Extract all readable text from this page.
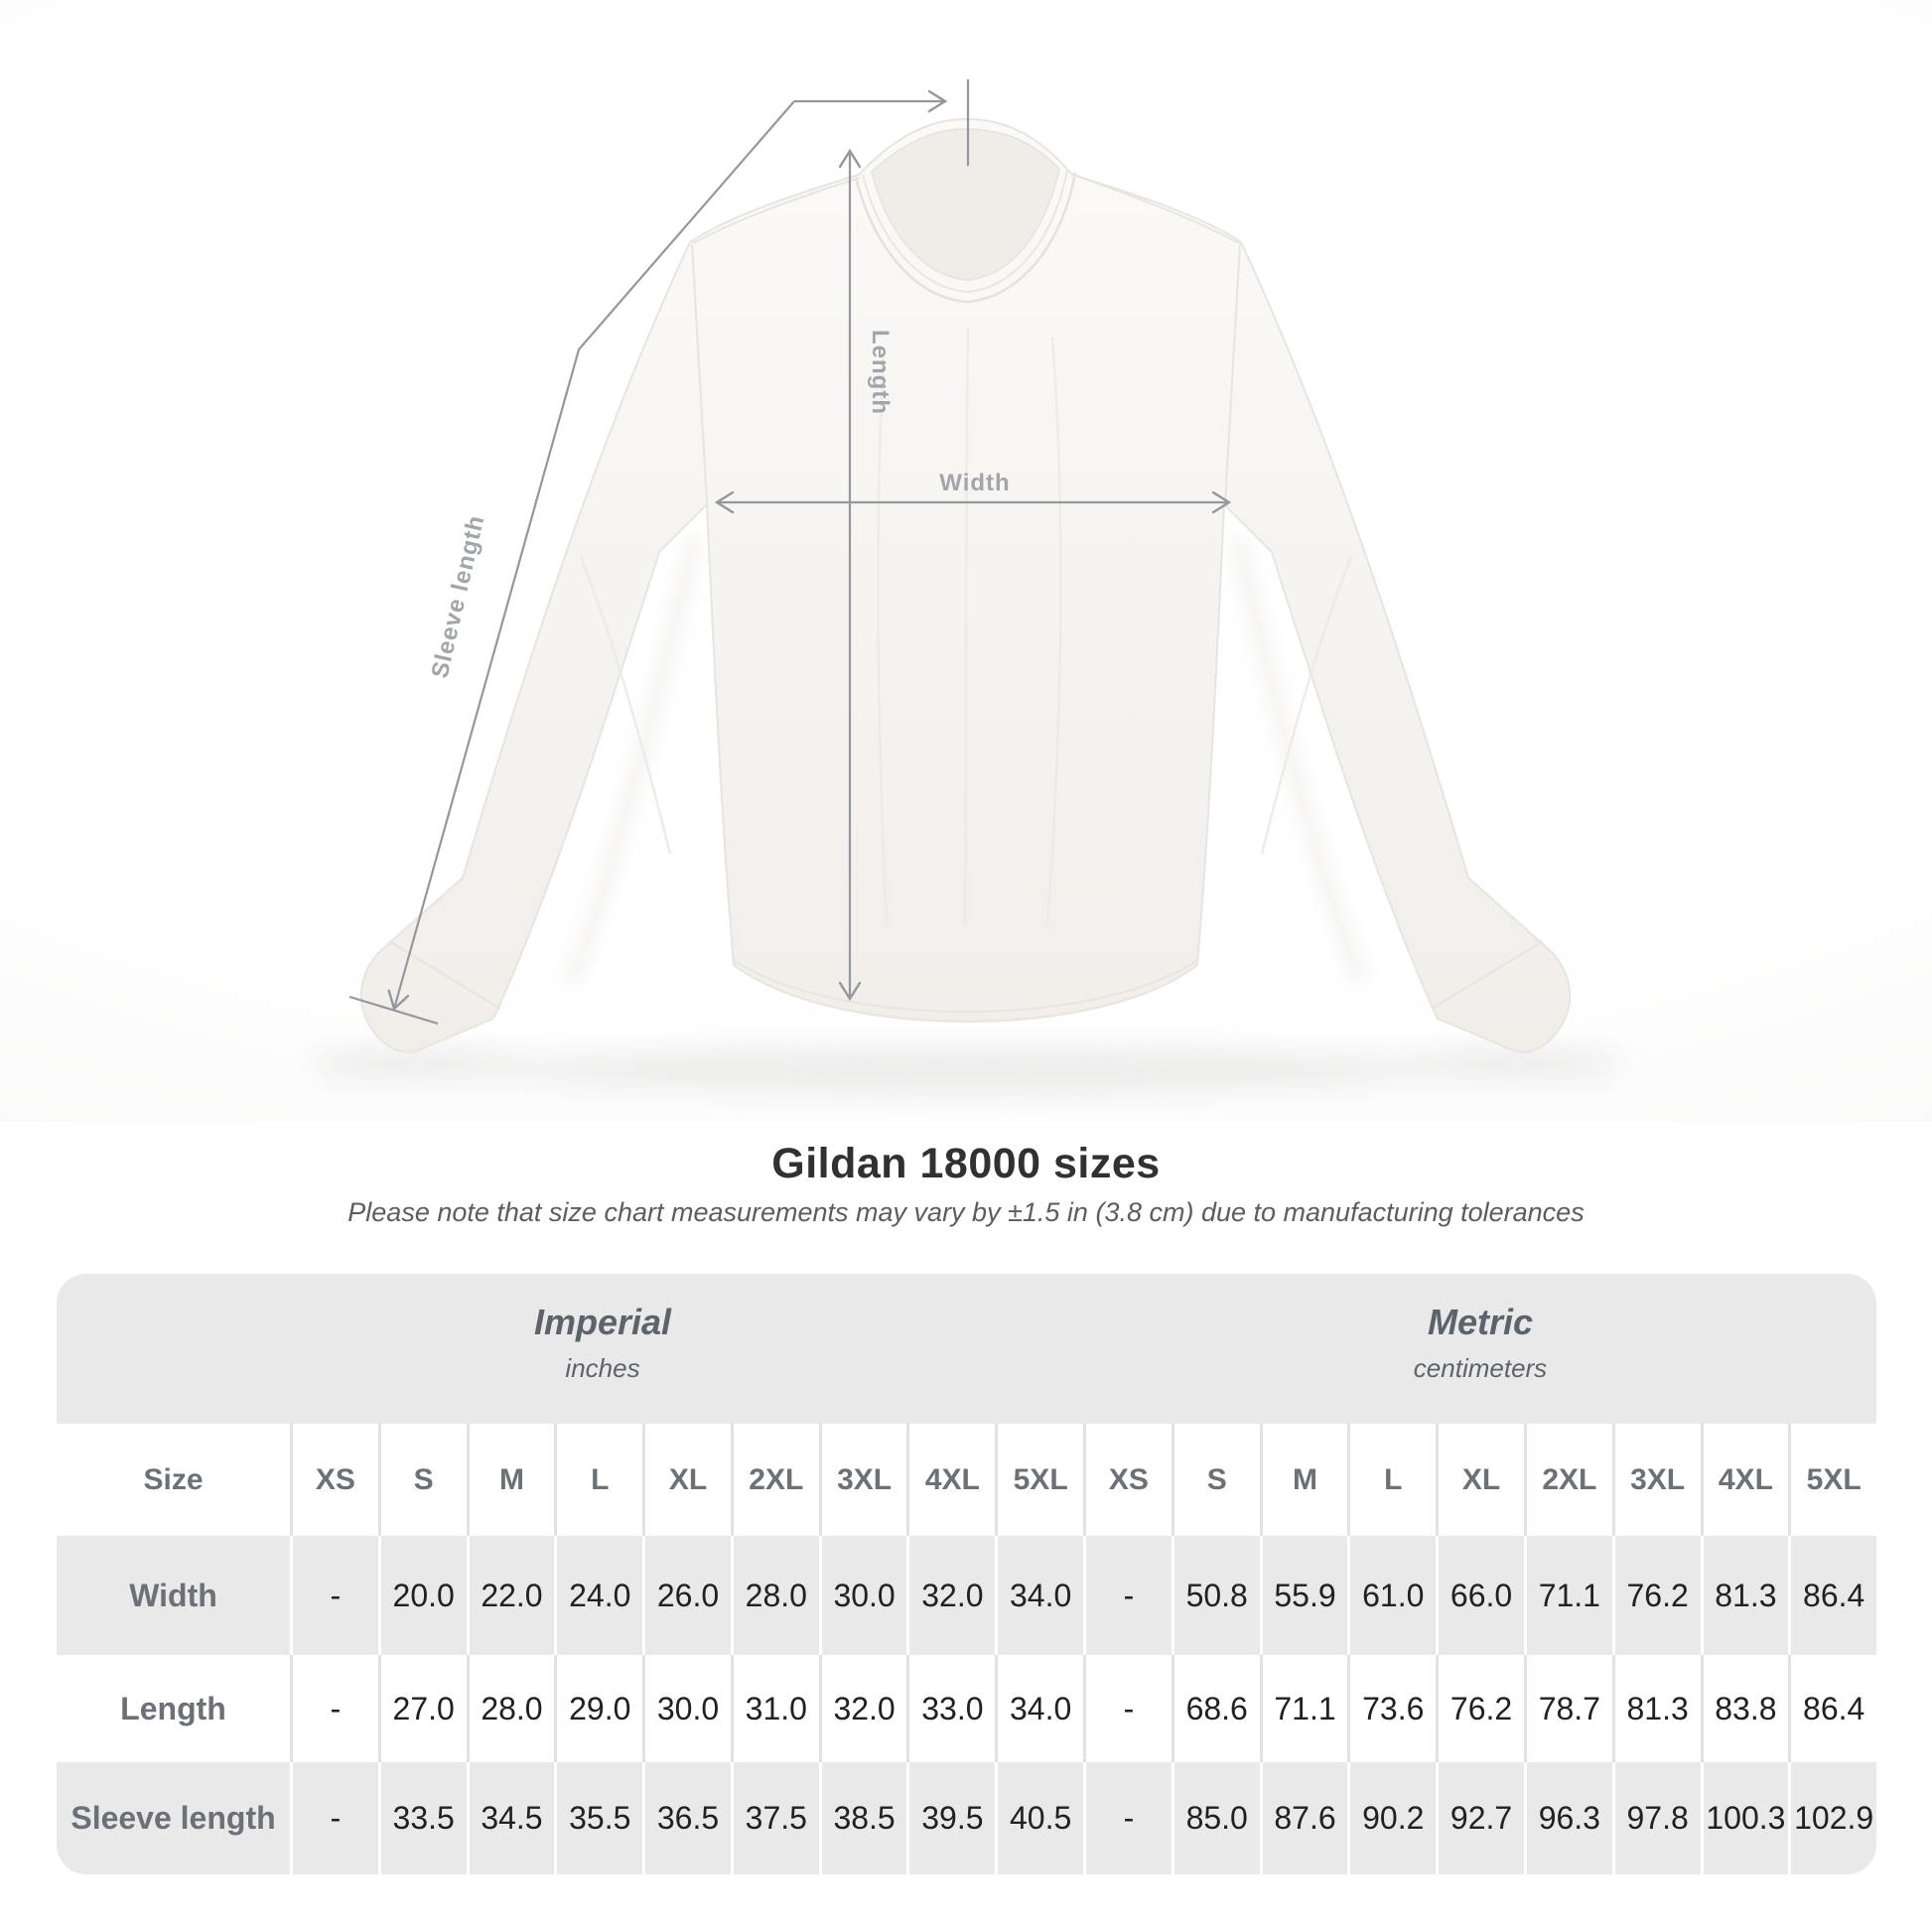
Length
Width
Sleeve length
Gildan 18000 sizes

Please note that size chart measurements may vary by ±1.5 in (3.8 cm) due to manufacturing tolerances

Imperial
inches
Metric
centimeters
Size	XS	S	M	L	XL	2XL	3XL	4XL	5XL	XS	S	M	L	XL	2XL	3XL	4XL	5XL
Width	-	20.0 22.0 24.0 26.0 28.0 30.0 32.0 34.0	-	50.8 55.9 61.0 66.0 71.1 76.2 81.3 86.4
Length	-	27.0 28.0 29.0 30.0 31.0 32.0 33.0 34.0	-	68.6 71.1 73.6 76.2 78.7 81.3 83.8 86.4
Sleeve length	-	33.5 34.5 35.5 36.5 37.5 38.5 39.5 40.5	-	85.0 87.6 90.2 92.7 96.3 97.8 100.3 102.9
